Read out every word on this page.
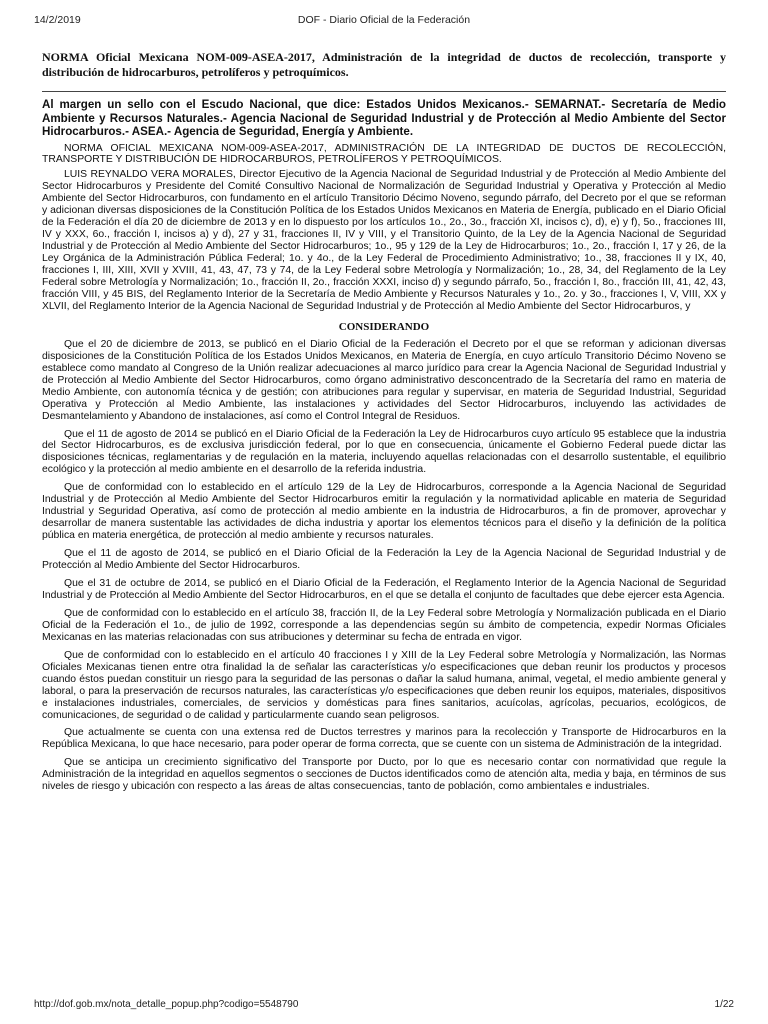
14/2/2019	DOF - Diario Oficial de la Federación
NORMA Oficial Mexicana NOM-009-ASEA-2017, Administración de la integridad de ductos de recolección, transporte y distribución de hidrocarburos, petrolíferos y petroquímicos.
Al margen un sello con el Escudo Nacional, que dice: Estados Unidos Mexicanos.- SEMARNAT.- Secretaría de Medio Ambiente y Recursos Naturales.- Agencia Nacional de Seguridad Industrial y de Protección al Medio Ambiente del Sector Hidrocarburos.- ASEA.- Agencia de Seguridad, Energía y Ambiente.

NORMA OFICIAL MEXICANA NOM-009-ASEA-2017, ADMINISTRACIÓN DE LA INTEGRIDAD DE DUCTOS DE RECOLECCIÓN, TRANSPORTE Y DISTRIBUCIÓN DE HIDROCARBUROS, PETROLÍFEROS Y PETROQUÍMICOS.

LUIS REYNALDO VERA MORALES, Director Ejecutivo de la Agencia Nacional de Seguridad Industrial y de Protección al Medio Ambiente del Sector Hidrocarburos y Presidente del Comité Consultivo Nacional de Normalización de Seguridad Industrial y Operativa y Protección al Medio Ambiente del Sector Hidrocarburos, con fundamento en el artículo Transitorio Décimo Noveno, segundo párrafo, del Decreto por el que se reforman y adicionan diversas disposiciones de la Constitución Política de los Estados Unidos Mexicanos en Materia de Energía, publicado en el Diario Oficial de la Federación el día 20 de diciembre de 2013 y en lo dispuesto por los artículos 1o., 2o., 3o., fracción XI, incisos c), d), e) y f), 5o., fracciones III, IV y XXX, 6o., fracción I, incisos a) y d), 27 y 31, fracciones II, IV y VIII, y el Transitorio Quinto, de la Ley de la Agencia Nacional de Seguridad Industrial y de Protección al Medio Ambiente del Sector Hidrocarburos; 1o., 95 y 129 de la Ley de Hidrocarburos; 1o., 2o., fracción I, 17 y 26, de la Ley Orgánica de la Administración Pública Federal; 1o. y 4o., de la Ley Federal de Procedimiento Administrativo; 1o., 38, fracciones II y IX, 40, fracciones I, III, XIII, XVII y XVIII, 41, 43, 47, 73 y 74, de la Ley Federal sobre Metrología y Normalización; 1o., 28, 34, del Reglamento de la Ley Federal sobre Metrología y Normalización; 1o., fracción II, 2o., fracción XXXI, inciso d) y segundo párrafo, 5o., fracción I, 8o., fracción III, 41, 42, 43, fracción VIII, y 45 BIS, del Reglamento Interior de la Secretaría de Medio Ambiente y Recursos Naturales y 1o., 2o. y 3o., fracciones I, V, VIII, XX y XLVII, del Reglamento Interior de la Agencia Nacional de Seguridad Industrial y de Protección al Medio Ambiente del Sector Hidrocarburos, y

CONSIDERANDO

Que el 20 de diciembre de 2013, se publicó en el Diario Oficial de la Federación el Decreto por el que se reforman y adicionan diversas disposiciones de la Constitución Política de los Estados Unidos Mexicanos, en Materia de Energía, en cuyo artículo Transitorio Décimo Noveno se establece como mandato al Congreso de la Unión realizar adecuaciones al marco jurídico para crear la Agencia Nacional de Seguridad Industrial y de Protección al Medio Ambiente del Sector Hidrocarburos, como órgano administrativo desconcentrado de la Secretaría del ramo en materia de Medio Ambiente, con autonomía técnica y de gestión; con atribuciones para regular y supervisar, en materia de Seguridad Industrial, Seguridad Operativa y Protección al Medio Ambiente, las instalaciones y actividades del Sector Hidrocarburos, incluyendo las actividades de Desmantelamiento y Abandono de instalaciones, así como el Control Integral de Residuos.

Que el 11 de agosto de 2014 se publicó en el Diario Oficial de la Federación la Ley de Hidrocarburos cuyo artículo 95 establece que la industria del Sector Hidrocarburos, es de exclusiva jurisdicción federal, por lo que en consecuencia, únicamente el Gobierno Federal puede dictar las disposiciones técnicas, reglamentarias y de regulación en la materia, incluyendo aquellas relacionadas con el desarrollo sustentable, el equilibrio ecológico y la protección al medio ambiente en el desarrollo de la referida industria.

Que de conformidad con lo establecido en el artículo 129 de la Ley de Hidrocarburos, corresponde a la Agencia Nacional de Seguridad Industrial y de Protección al Medio Ambiente del Sector Hidrocarburos emitir la regulación y la normatividad aplicable en materia de Seguridad Industrial y Seguridad Operativa, así como de protección al medio ambiente en la industria de Hidrocarburos, a fin de promover, aprovechar y desarrollar de manera sustentable las actividades de dicha industria y aportar los elementos técnicos para el diseño y la definición de la política pública en materia energética, de protección al medio ambiente y recursos naturales.

Que el 11 de agosto de 2014, se publicó en el Diario Oficial de la Federación la Ley de la Agencia Nacional de Seguridad Industrial y de Protección al Medio Ambiente del Sector Hidrocarburos.

Que el 31 de octubre de 2014, se publicó en el Diario Oficial de la Federación, el Reglamento Interior de la Agencia Nacional de Seguridad Industrial y de Protección al Medio Ambiente del Sector Hidrocarburos, en el que se detalla el conjunto de facultades que debe ejercer esta Agencia.

Que de conformidad con lo establecido en el artículo 38, fracción II, de la Ley Federal sobre Metrología y Normalización publicada en el Diario Oficial de la Federación el 1o., de julio de 1992, corresponde a las dependencias según su ámbito de competencia, expedir Normas Oficiales Mexicanas en las materias relacionadas con sus atribuciones y determinar su fecha de entrada en vigor.

Que de conformidad con lo establecido en el artículo 40 fracciones I y XIII de la Ley Federal sobre Metrología y Normalización, las Normas Oficiales Mexicanas tienen entre otra finalidad la de señalar las características y/o especificaciones que deban reunir los productos y procesos cuando éstos puedan constituir un riesgo para la seguridad de las personas o dañar la salud humana, animal, vegetal, el medio ambiente general y laboral, o para la preservación de recursos naturales, las características y/o especificaciones que deben reunir los equipos, materiales, dispositivos e instalaciones industriales, comerciales, de servicios y domésticas para fines sanitarios, acuícolas, agrícolas, pecuarios, ecológicos, de comunicaciones, de seguridad o de calidad y particularmente cuando sean peligrosos.

Que actualmente se cuenta con una extensa red de Ductos terrestres y marinos para la recolección y Transporte de Hidrocarburos en la República Mexicana, lo que hace necesario, para poder operar de forma correcta, que se cuente con un sistema de Administración de la integridad.

Que se anticipa un crecimiento significativo del Transporte por Ducto, por lo que es necesario contar con normatividad que regule la Administración de la integridad en aquellos segmentos o secciones de Ductos identificados como de atención alta, media y baja, en términos de sus niveles de riesgo y ubicación con respecto a las áreas de altas consecuencias, tanto de población, como ambientales e industriales.

http://dof.gob.mx/nota_detalle_popup.php?codigo=5548790	1/22
